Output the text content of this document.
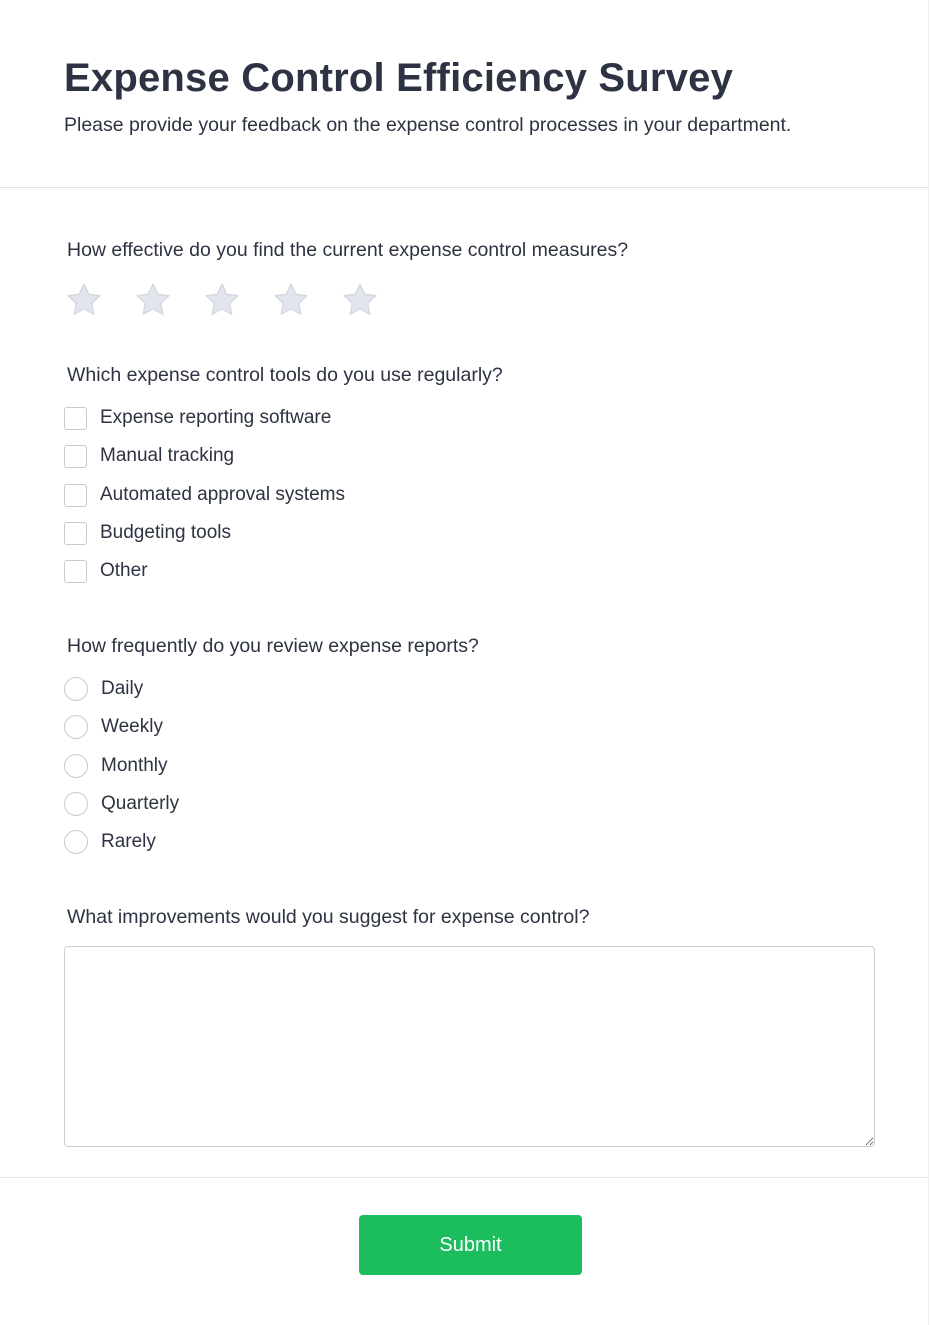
Expense Control Efficiency Survey
Please provide your feedback on the expense control processes in your department.
How effective do you find the current expense control measures?
Which expense control tools do you use regularly?
Expense reporting software
Manual tracking
Automated approval systems
Budgeting tools
Other
How frequently do you review expense reports?
Daily
Weekly
Monthly
Quarterly
Rarely
What improvements would you suggest for expense control?
Submit
